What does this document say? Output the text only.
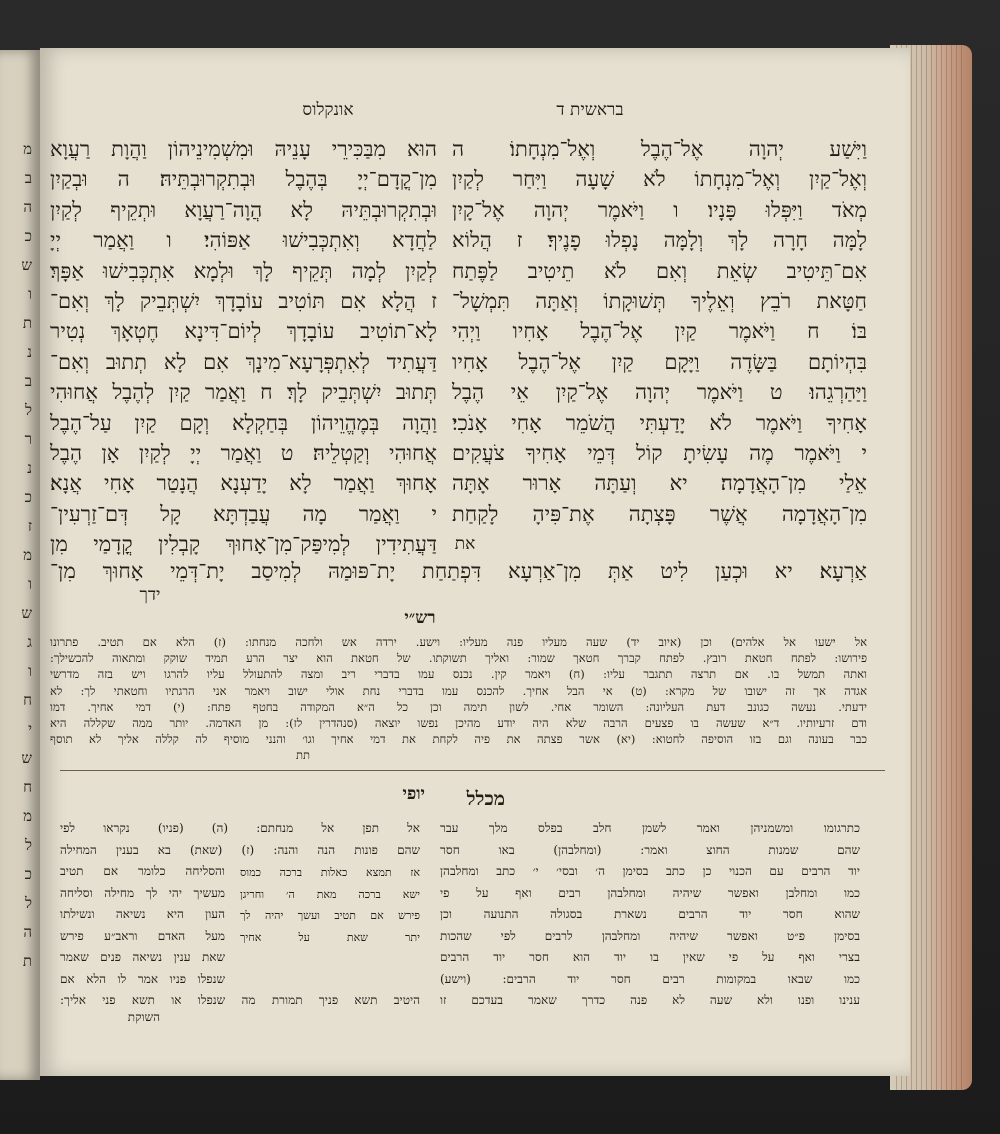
מ
ב
ה
כ
ש
ו
ת
נ
ב
ל
ר
נ
כ
ז
מ
ו
ש
ג
ו
ח
י
ש
ח
מ
ל
כ
ל
ה
ת
בראשית ד
אונקלוס
וַיִּשַׁע יְהוָה אֶל־הֶבֶל וְאֶל־מִנְחָתוֹ׃ ה
וְאֶל־קַיִן וְאֶל־מִנְחָתוֹ לֹא שָׁעָה וַיִּחַר לְקַיִן
מְאֹד וַיִּפְּלוּ פָּנָיו׃ ו וַיֹּאמֶר יְהוָה אֶל־קָיִן
לָמָּה חָרָה לָךְ וְלָמָּה נָפְלוּ פָנֶיךָ׃ ז הֲלוֹא
אִם־תֵּיטִיב שְׂאֵת וְאִם לֹא תֵיטִיב לַפֶּתַח
חַטָּאת רֹבֵץ וְאֵלֶיךָ תְּשׁוּקָתוֹ וְאַתָּה תִּמְשָׁל־
בּוֹ׃ ח וַיֹּאמֶר קַיִן אֶל־הֶבֶל אָחִיו וַיְהִי
בִּהְיוֹתָם בַּשָּׂדֶה וַיָּקָם קַיִן אֶל־הֶבֶל אָחִיו
וַיַּהַרְגֵהוּ׃ ט וַיֹּאמֶר יְהוָה אֶל־קַיִן אֵי הֶבֶל
אָחִיךָ וַיֹּאמֶר לֹא יָדַעְתִּי הֲשֹׁמֵר אָחִי אָנֹכִי׃
י וַיֹּאמֶר מֶה עָשִׂיתָ קוֹל דְּמֵי אָחִיךָ צֹעֲקִים
אֵלַי מִן־הָאֲדָמָה׃ יא וְעַתָּה אָרוּר אָתָּה
מִן־הָאֲדָמָה אֲשֶׁר פָּצְתָה אֶת־פִּיהָ לָקַחַת
את
הוּא מִבַּכִּירֵי עָנֵיהּ וּמִשְׁמִינֵיהוֹן וַהֲוָת רַעֲוָא
מִן־קֳדָם־יְיָ בְּהֶבֶל וּבְתִקְרוּבְתֵּיהּ׃ ה וּבְקַיִן
וּבְתִקְרוּבְתֵּיהּ לָא הֲוָה־רַעֲוָא וּתְקֵיף לְקַיִן
לַחֲדָא וְאִתְכְּבִישׁוּ אַפּוֹהִי׃ ו וַאֲמַר יְיָ
לְקַיִן לְמָה תְּקֵיף לָךְ וּלְמָא אִתְכְּבִישׁוּ אַפָּךְ׃
ז הֲלָא אִם תּוֹטִיב עוֹבָדָךְ יִשְׁתְּבֵיק לָךְ וְאִם־
לָא־תוֹטִיב עוֹבָדָךְ לְיוֹם־דִּינָא חֶטְאָךְ נְטִיר
דַּעֲתִיד לְאִתְפְּרָעָא־מִינָךְ אִם לָא תְתוּב וְאִם־
תְּתוּב יִשְׁתְּבֵיק לָךְ׃ ח וַאֲמַר קַיִן לְהֶבֶל אֲחוּהִי
וַהֲוָה בְּמֶהֱוֵיהוֹן בְּחַקְלָא וְקָם קַיִן עַל־הֶבֶל
אֲחוּהִי וְקַטְלֵיהּ׃ ט וַאֲמַר יְיָ לְקַיִן אָן הֶבֶל
אָחוּךְ וַאֲמַר לָא יָדַעְנָא הֲנָטַר אָחִי אֲנָא׃
י וַאֲמַר מָה עֲבַדְתָּא קָל דְּם־זַרְעִין־
דַּעֲתִידִין לְמִיפַּק־מִן־אָחוּךְ קָבְלִין קֳדָמַי מִן
אַרְעָא׃ יא וּכְעַן לִיט אַתְּ מִן־אַרְעָא דִּפְתַחַת יָת־פּוּמַהּ לְמִיסַב יָת־דְּמֵי אָחוּךְ מִן־
ידך
רש״י
אל ישעו אל אלהים) וכן (איוב יד) שעה מעליו פנה מעליו: וישע. ירדה אש ולחכה מנחתו: (ז) הלא אם תטיב. פתרונו
פירושו: לפתח חטאת רובץ. לפתח קברך חטאך שמור: ואליך תשוקתו. של חטאת הוא יצר הרע תמיד שוקק ומתאוה להכשילך:
ואתה תמשל בו. אם תרצה תתגבר עליו: (ח) ויאמר קין. נכנס עמו בדברי ריב ומצה להתעולל עליו להרגו ויש בזה מדרשי
אגדה אך זה ישובו של מקרא: (ט) אי הבל אחיך. להכנס עמו בדברי נחת אולי ישוב ויאמר אני הרגתיו וחטאתי לך: לא
ידעתי. נעשה כגונב דעת העליונה: השומר אחי. לשון תימה וכן כל ה״א המקודה בחטף פתח: (י) דמי אחיך. דמו
ודם זרעיותיו. ד״א שעשה בו פצעים הרבה שלא היה יודע מהיכן נפשו יוצאה (סנהדרין לז): מן האדמה. יותר ממה שקללה היא
כבר בעונה וגם בזו הוסיפה לחטוא: (יא) אשר פצתה את פיה לקחת את דמי אחיך וגו׳ והנני מוסיף לה קללה אליך לא תוסף
תת
מכלל
יופי
כתרגומו ומשמניהן ואמר לשמן חלב בפלס מלך עבר
שהם שמנות החוצ ואמר: (ומחלבהן) באו חסר
יוד הרבים עם הכנוי כן כתב בסימן ה׳ ובסי׳ י׳ כתב ומחלבהן
כמו ומחלבן ואפשר שיהיה ומחלבהן רבים ואף על פי
שהוא חסר יוד הרבים נשארת בסגולה התנועה וכן
בסימן פ״ט ואפשר שיהיה ומחלבהן לרבים לפי שהכות
בצרי ואף על פי שאין בו יוד הוא חסר יוד הרבים
כמו שבאו במקומות רבים חסר יוד הרבים: (וישע)
ענינו ופנו ולא שעה לא פנה כדרך שאמר בעדכם זו
אל תפן אל מנחתם: (ה) (פניו) נקראו לפי
שהם פונות הנה והנה: (ז) (שאת) בא בענין המחילה
והסליחה כלומר אם תטיב
מעשיך יהי לך מחילה וסליחה
העון היא נשיאה ונשילתו
מעל האדם וראב״ע פירש
שאת ענין נשיאה פנים שאמר
שנפלו פניו אמר לו הלא אם
היטיב תשא פניך תמורת מה שנפלו או תשא פני אליך:
השוקת
אז תמצא כאלות ברכה כמוס
ישא ברכה מאת ה׳ וחריגן
פירש אם תטיב ועשך יהיה לך
יתר שאת על אחיך
